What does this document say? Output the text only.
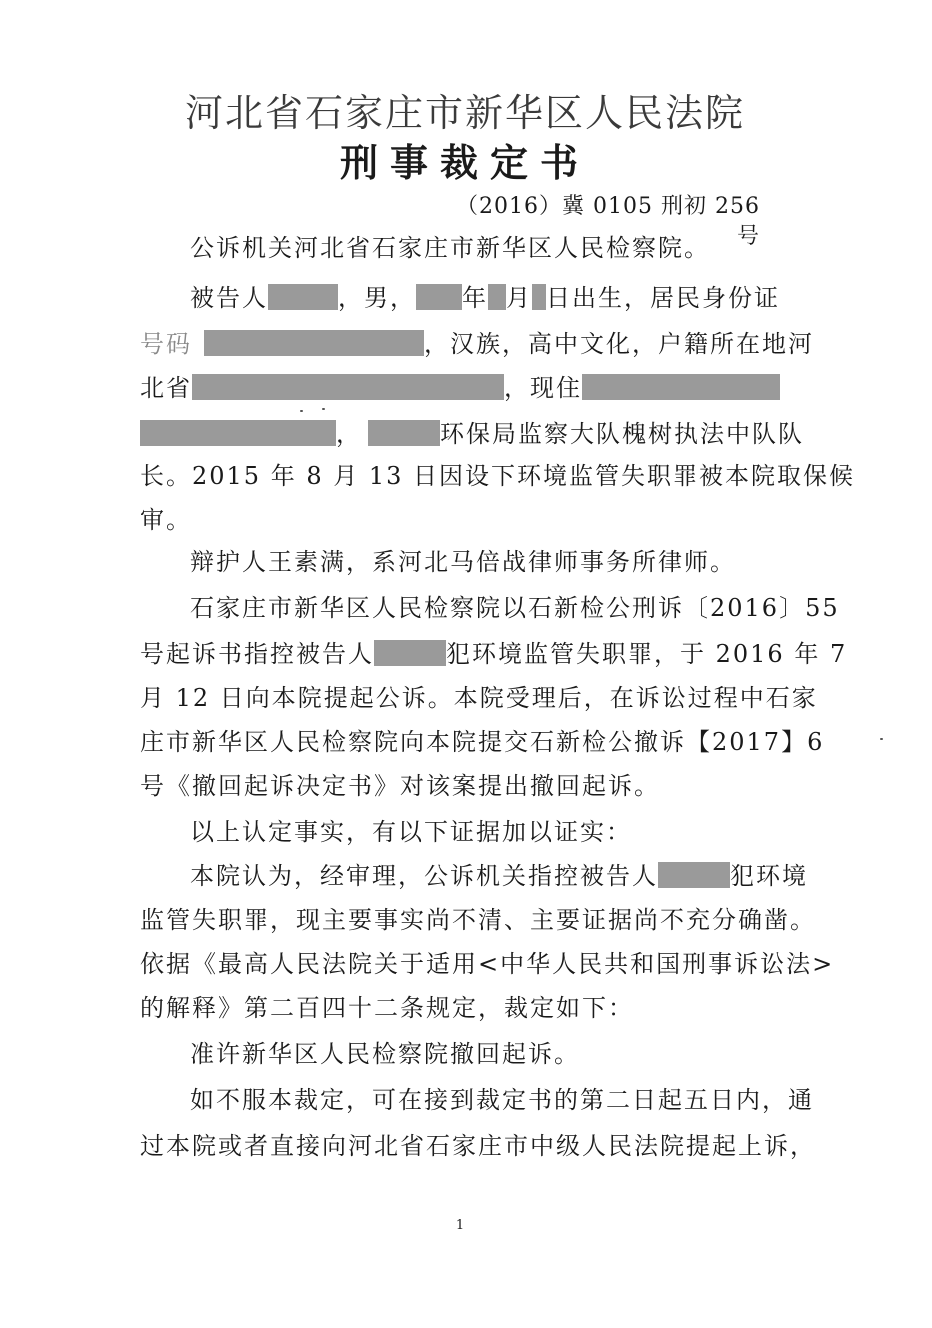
河北省石家庄市新华区人民法院
刑事裁定书
（2016）冀 0105 刑初 256 号
公诉机关河北省石家庄市新华区人民检察院。
被告人	，男， 年 月 日出生，居民身份证
号码	，汉族，高中文化，户籍所在地河
北省	，现住
，	环保局监察大队槐树执法中队队
长。2015 年 8 月 13 日因设下环境监管失职罪被本院取保候
审。
辩护人王素满，系河北马倍战律师事务所律师。
石家庄市新华区人民检察院以石新检公刑诉〔2016〕55
号起诉书指控被告人	犯环境监管失职罪，于 2016 年 7
月 12 日向本院提起公诉。本院受理后，在诉讼过程中石家
庄市新华区人民检察院向本院提交石新检公撤诉【2017】6
号《撤回起诉决定书》对该案提出撤回起诉。
以上认定事实，有以下证据加以证实：
本院认为，经审理，公诉机关指控被告人	犯环境
监管失职罪，现主要事实尚不清、主要证据尚不充分确凿。
依据《最高人民法院关于适用<中华人民共和国刑事诉讼法>
的解释》第二百四十二条规定，裁定如下：
准许新华区人民检察院撤回起诉。
如不服本裁定，可在接到裁定书的第二日起五日内，通
过本院或者直接向河北省石家庄市中级人民法院提起上诉，
1
